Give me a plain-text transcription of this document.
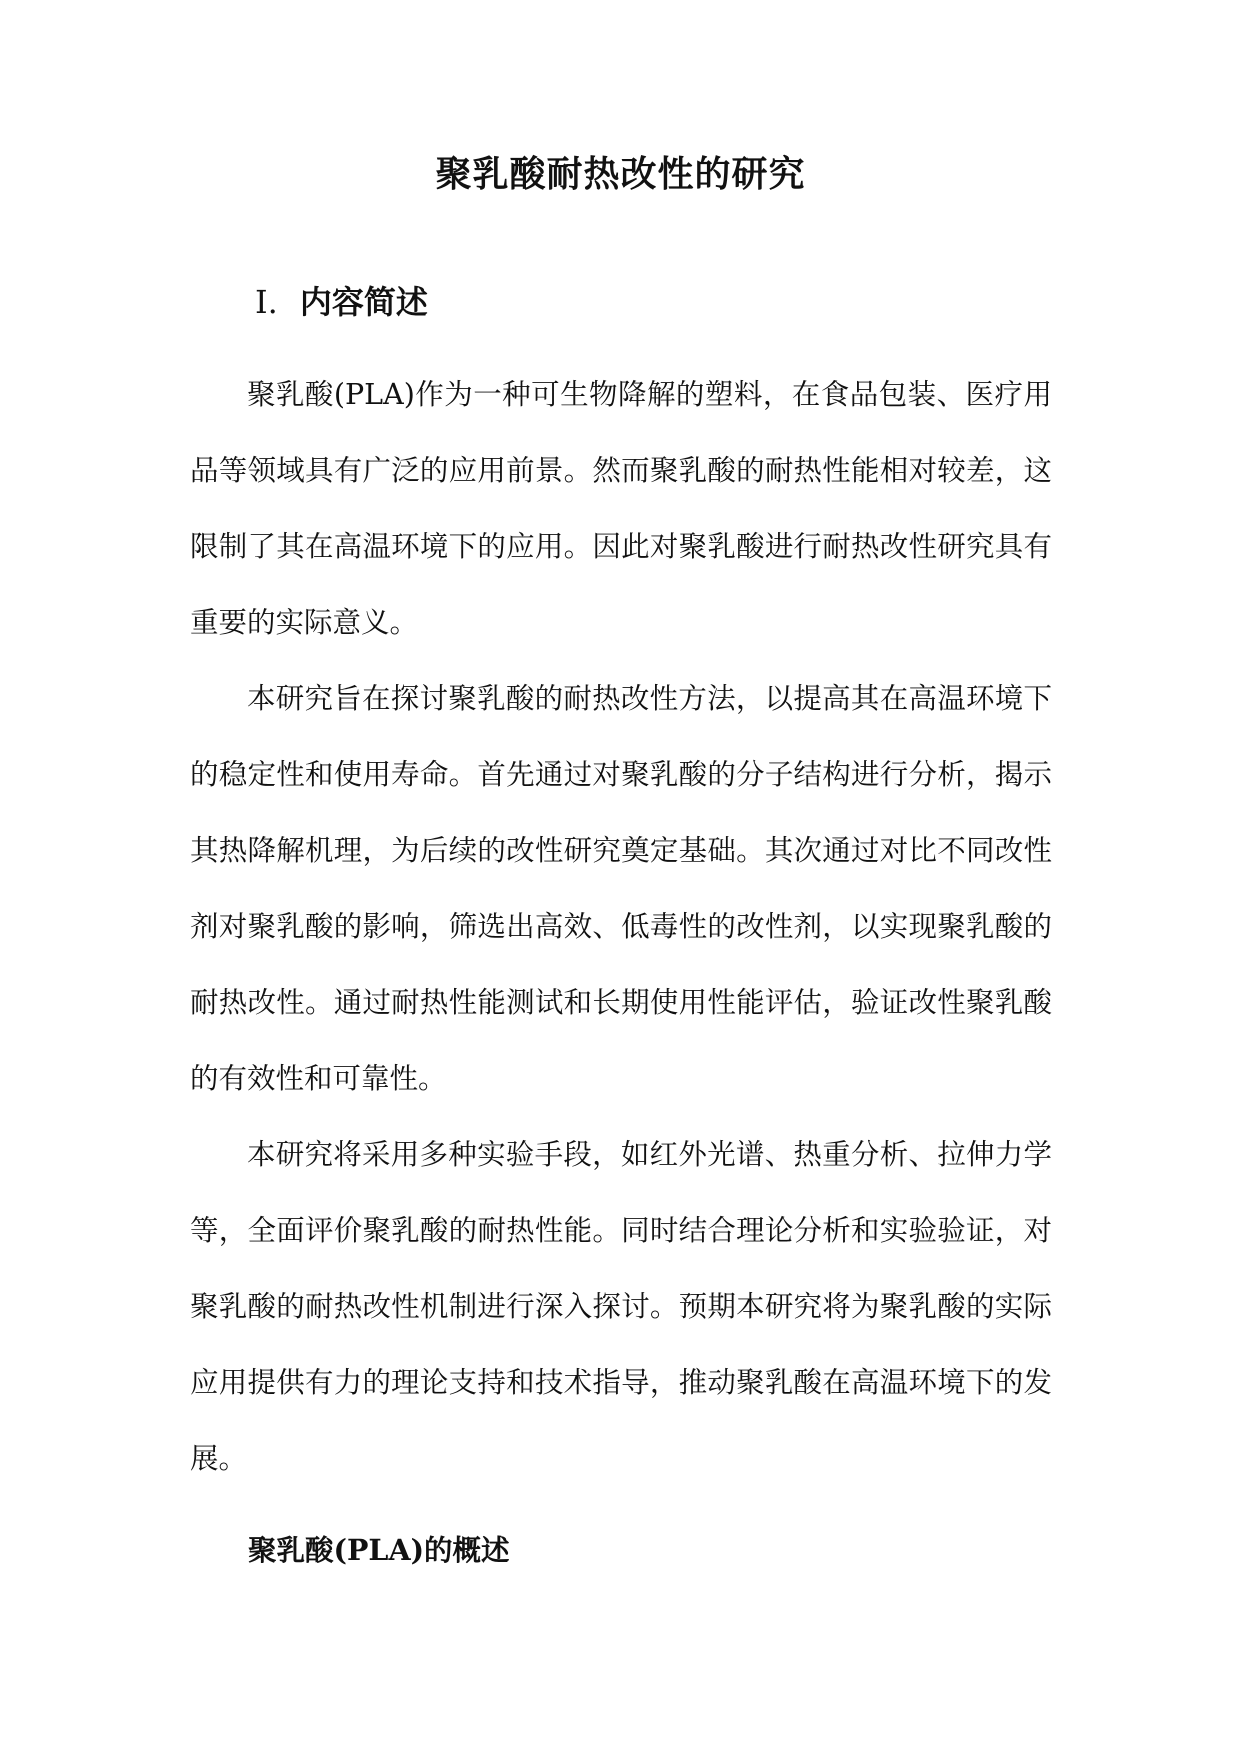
聚乳酸耐热改性的研究
I. 内容简述

聚乳酸(PLA)作为一种可生物降解的塑料，在食品包装、医疗用品等领域具有广泛的应用前景。然而聚乳酸的耐热性能相对较差，这限制了其在高温环境下的应用。因此对聚乳酸进行耐热改性研究具有重要的实际意义。

本研究旨在探讨聚乳酸的耐热改性方法，以提高其在高温环境下的稳定性和使用寿命。首先通过对聚乳酸的分子结构进行分析，揭示其热降解机理，为后续的改性研究奠定基础。其次通过对比不同改性剂对聚乳酸的影响，筛选出高效、低毒性的改性剂，以实现聚乳酸的耐热改性。通过耐热性能测试和长期使用性能评估，验证改性聚乳酸的有效性和可靠性。

本研究将采用多种实验手段，如红外光谱、热重分析、拉伸力学等，全面评价聚乳酸的耐热性能。同时结合理论分析和实验验证，对聚乳酸的耐热改性机制进行深入探讨。预期本研究将为聚乳酸的实际应用提供有力的理论支持和技术指导，推动聚乳酸在高温环境下的发展。

聚乳酸(PLA)的概述
